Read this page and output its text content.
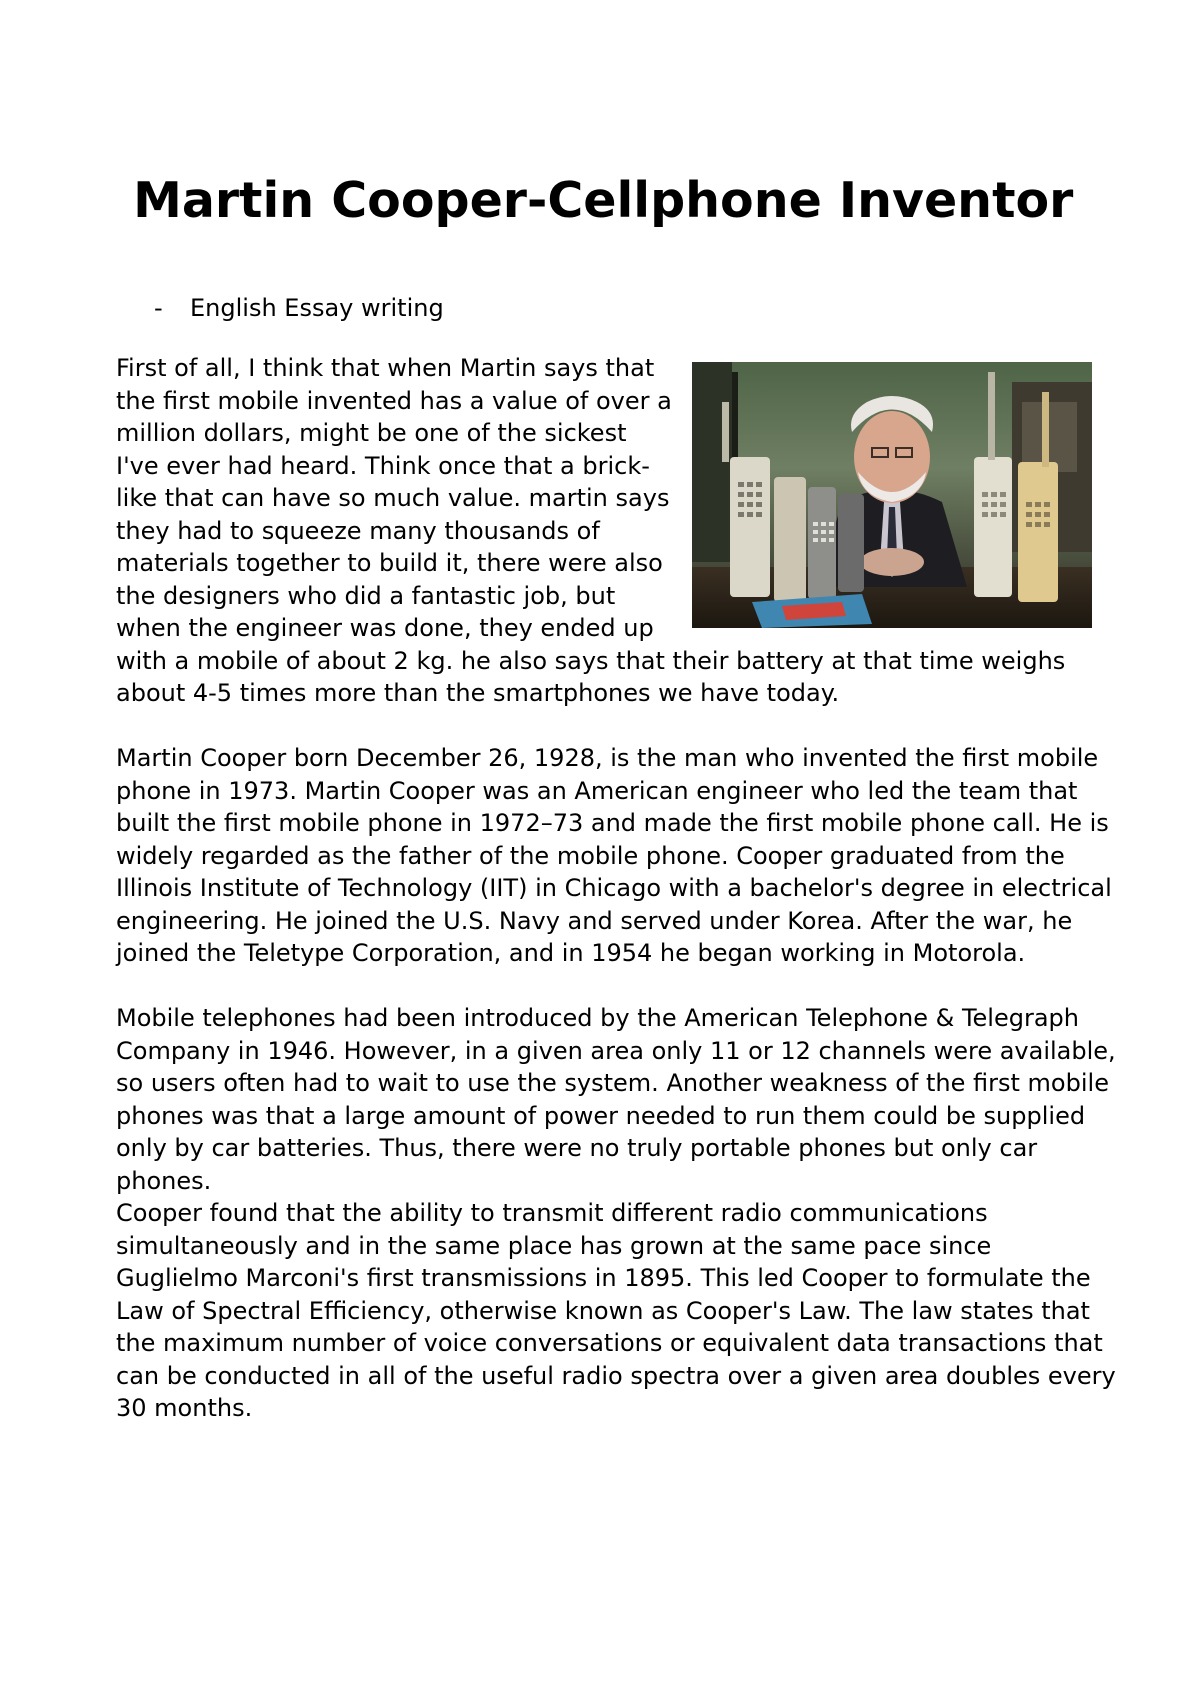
Martin Cooper-Cellphone Inventor
- English Essay writing

First of all, I think that when Martin says that the first mobile invented has a value of over a million dollars, might be one of the sickest I've ever had heard. Think once that a brick-like that can have so much value. martin says they had to squeeze many thousands of materials together to build it, there were also the designers who did a fantastic job, but when the engineer was done, they ended up with a mobile of about 2 kg. he also says that their battery at that time weighs about 4-5 times more than the smartphones we have today.

Martin Cooper born December 26, 1928, is the man who invented the first mobile phone in 1973. Martin Cooper was an American engineer who led the team that built the first mobile phone in 1972–73 and made the first mobile phone call. He is widely regarded as the father of the mobile phone. Cooper graduated from the Illinois Institute of Technology (IIT) in Chicago with a bachelor's degree in electrical engineering. He joined the U.S. Navy and served under Korea. After the war, he joined the Teletype Corporation, and in 1954 he began working in Motorola.

Mobile telephones had been introduced by the American Telephone & Telegraph Company in 1946. However, in a given area only 11 or 12 channels were available, so users often had to wait to use the system. Another weakness of the first mobile phones was that a large amount of power needed to run them could be supplied only by car batteries. Thus, there were no truly portable phones but only car phones.

Cooper found that the ability to transmit different radio communications simultaneously and in the same place has grown at the same pace since Guglielmo Marconi's first transmissions in 1895. This led Cooper to formulate the Law of Spectral Efficiency, otherwise known as Cooper's Law. The law states that the maximum number of voice conversations or equivalent data transactions that can be conducted in all of the useful radio spectra over a given area doubles every 30 months.
